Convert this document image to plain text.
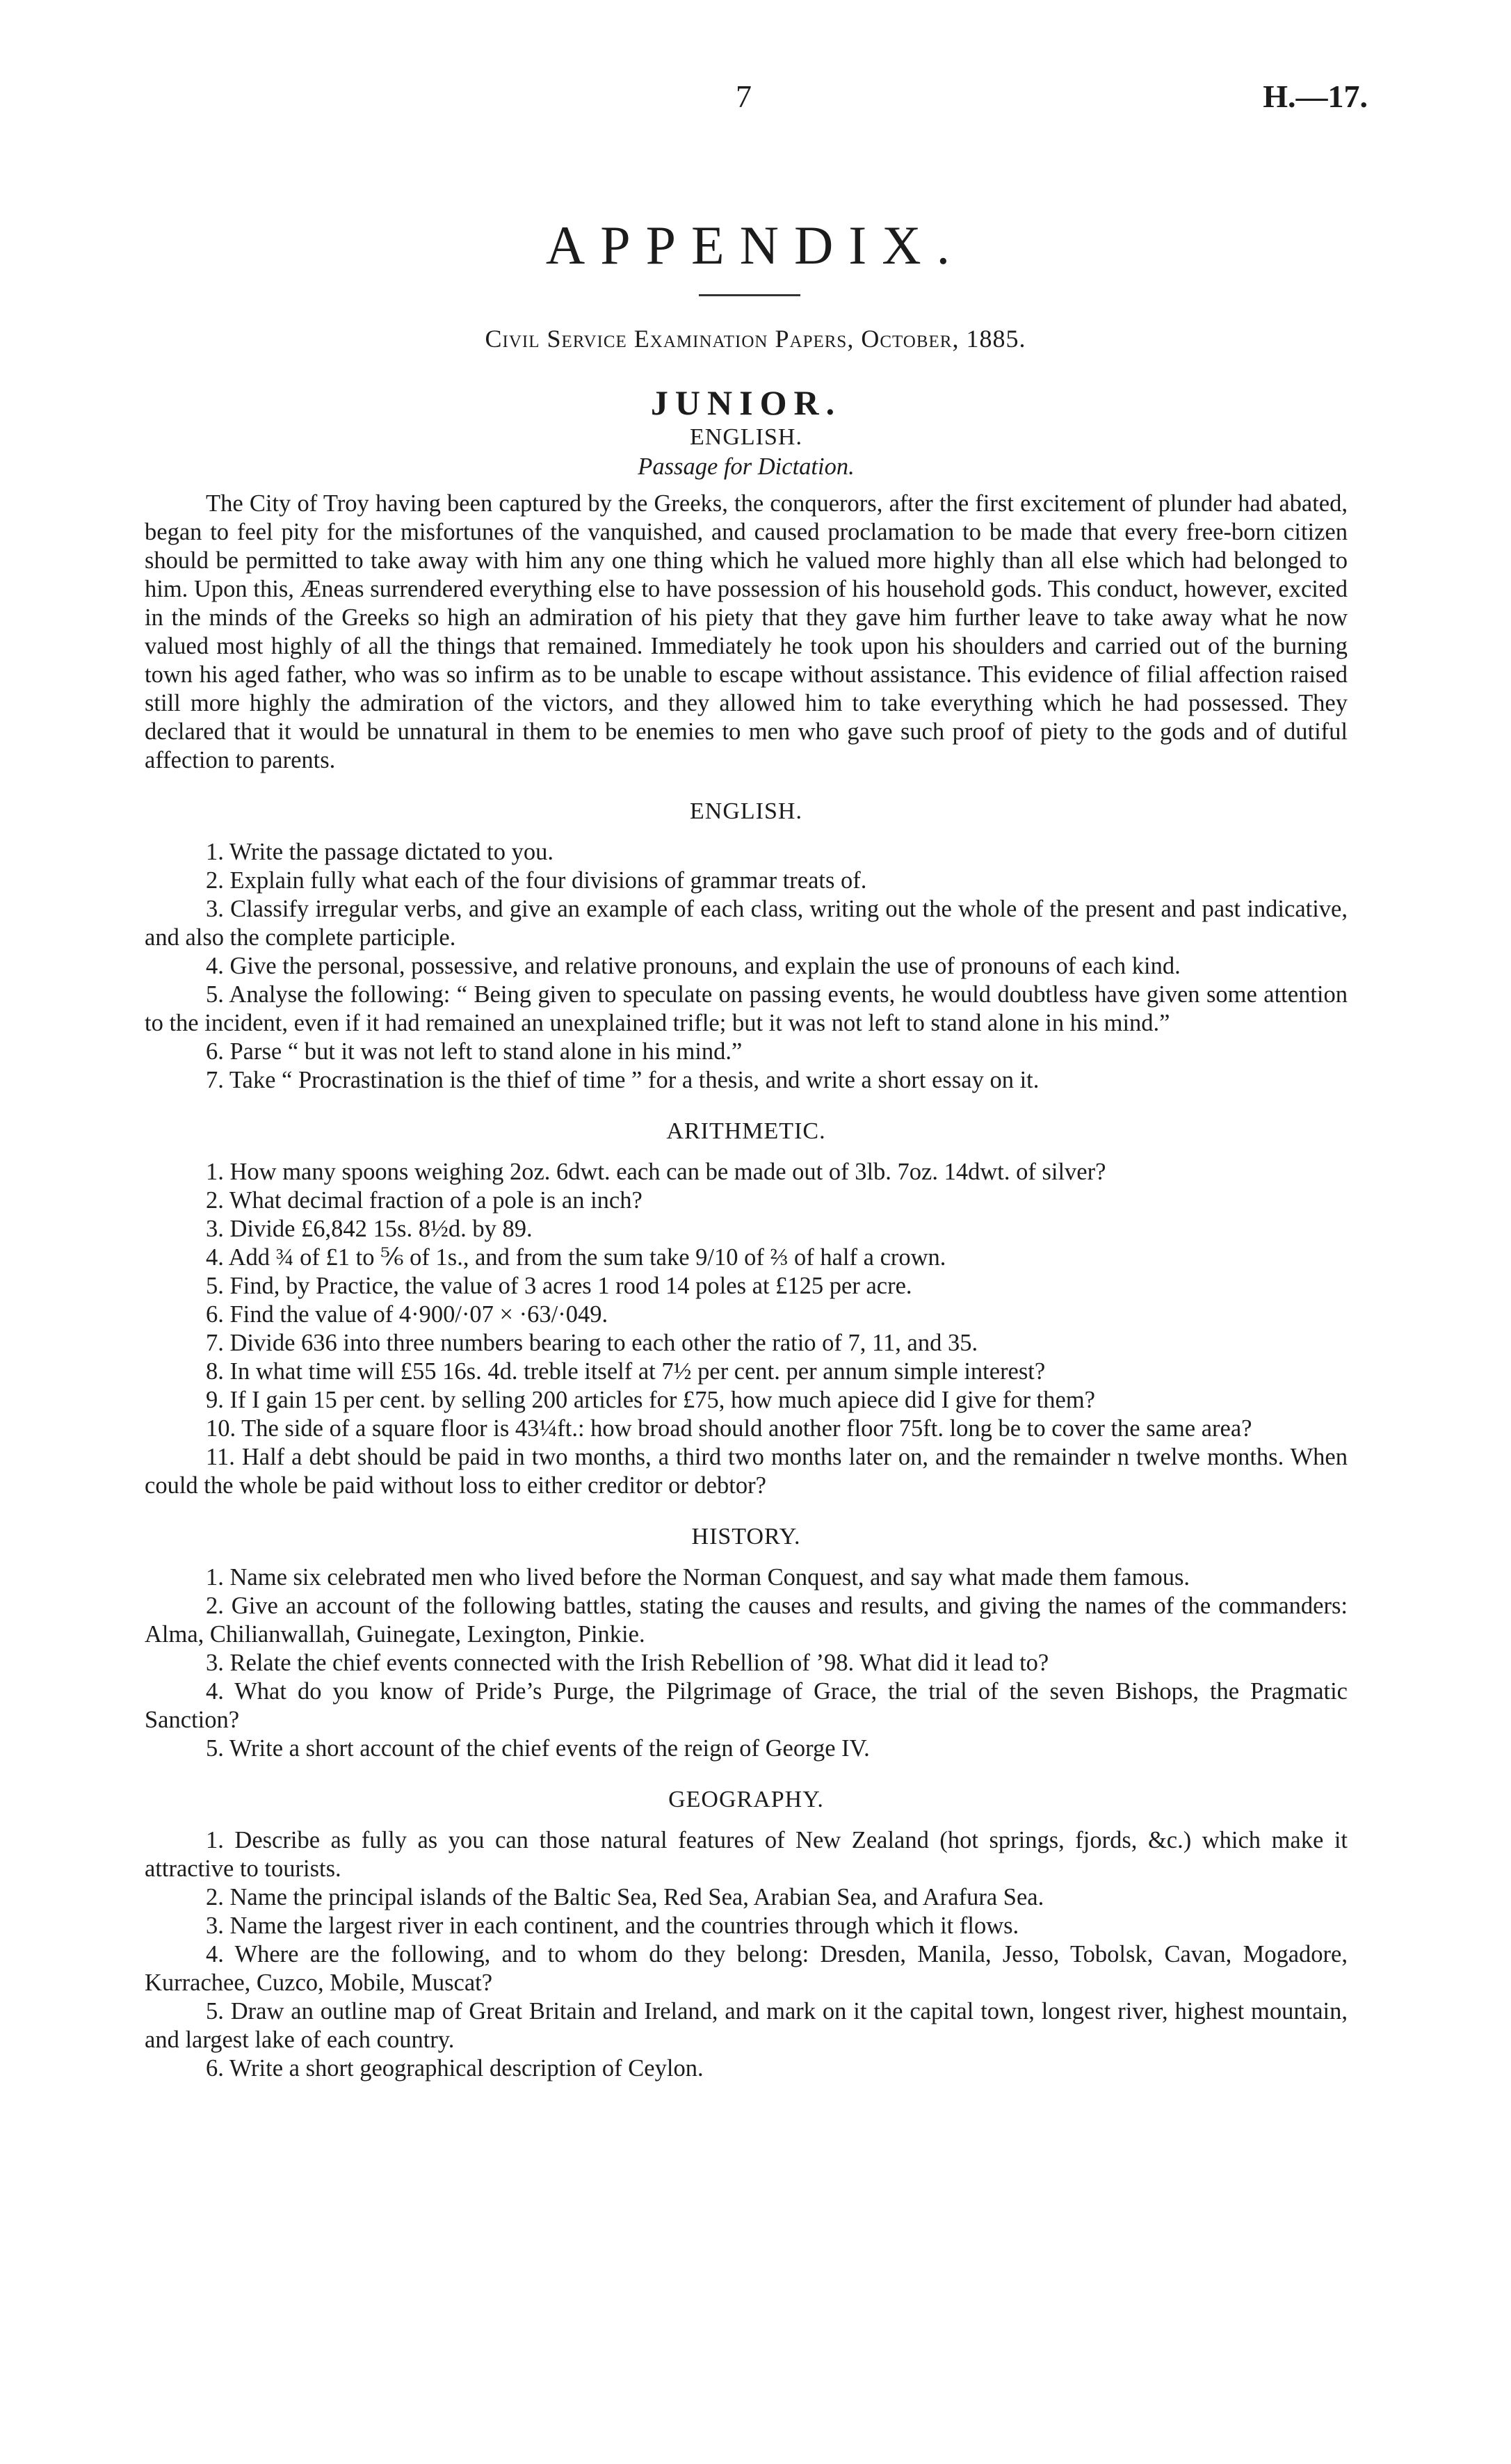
7	H.—17.
APPENDIX.
Civil Service Examination Papers, October, 1885.
JUNIOR.
ENGLISH.
Passage for Dictation.

The City of Troy having been captured by the Greeks, the conquerors, after the first excitement of plunder had abated, began to feel pity for the misfortunes of the vanquished, and caused proclamation to be made that every free-born citizen should be permitted to take away with him any one thing which he valued more highly than all else which had belonged to him. Upon this, Æneas surrendered everything else to have possession of his household gods. This conduct, however, excited in the minds of the Greeks so high an admiration of his piety that they gave him further leave to take away what he now valued most highly of all the things that remained. Immediately he took upon his shoulders and carried out of the burning town his aged father, who was so infirm as to be unable to escape without assistance. This evidence of filial affection raised still more highly the admiration of the victors, and they allowed him to take everything which he had possessed. They declared that it would be unnatural in them to be enemies to men who gave such proof of piety to the gods and of dutiful affection to parents.

ENGLISH.

1. Write the passage dictated to you.

2. Explain fully what each of the four divisions of grammar treats of.

3. Classify irregular verbs, and give an example of each class, writing out the whole of the present and past indicative, and also the complete participle.

4. Give the personal, possessive, and relative pronouns, and explain the use of pronouns of each kind.

5. Analyse the following: “ Being given to speculate on passing events, he would doubtless have given some attention to the incident, even if it had remained an unexplained trifle; but it was not left to stand alone in his mind.”

6. Parse “ but it was not left to stand alone in his mind.”

7. Take “ Procrastination is the thief of time ” for a thesis, and write a short essay on it.

ARITHMETIC.

1. How many spoons weighing 2oz. 6dwt. each can be made out of 3lb. 7oz. 14dwt. of silver?

2. What decimal fraction of a pole is an inch?

3. Divide £6,842 15s. 8½d. by 89.

4. Add ¾ of £1 to ⅚ of 1s., and from the sum take 9/10 of ⅔ of half a crown.

5. Find, by Practice, the value of 3 acres 1 rood 14 poles at £125 per acre.

6. Find the value of 4·900/·07 × ·63/·049.

7. Divide 636 into three numbers bearing to each other the ratio of 7, 11, and 35.

8. In what time will £55 16s. 4d. treble itself at 7½ per cent. per annum simple interest?

9. If I gain 15 per cent. by selling 200 articles for £75, how much apiece did I give for them?

10. The side of a square floor is 43¼ft.: how broad should another floor 75ft. long be to cover the same area?

11. Half a debt should be paid in two months, a third two months later on, and the remainder n twelve months. When could the whole be paid without loss to either creditor or debtor?

HISTORY.

1. Name six celebrated men who lived before the Norman Conquest, and say what made them famous.

2. Give an account of the following battles, stating the causes and results, and giving the names of the commanders: Alma, Chilianwallah, Guinegate, Lexington, Pinkie.

3. Relate the chief events connected with the Irish Rebellion of ’98. What did it lead to?

4. What do you know of Pride’s Purge, the Pilgrimage of Grace, the trial of the seven Bishops, the Pragmatic Sanction?

5. Write a short account of the chief events of the reign of George IV.

GEOGRAPHY.

1. Describe as fully as you can those natural features of New Zealand (hot springs, fjords, &c.) which make it attractive to tourists.

2. Name the principal islands of the Baltic Sea, Red Sea, Arabian Sea, and Arafura Sea.

3. Name the largest river in each continent, and the countries through which it flows.

4. Where are the following, and to whom do they belong: Dresden, Manila, Jesso, Tobolsk, Cavan, Mogadore, Kurrachee, Cuzco, Mobile, Muscat?

5. Draw an outline map of Great Britain and Ireland, and mark on it the capital town, longest river, highest mountain, and largest lake of each country.

6. Write a short geographical description of Ceylon.
